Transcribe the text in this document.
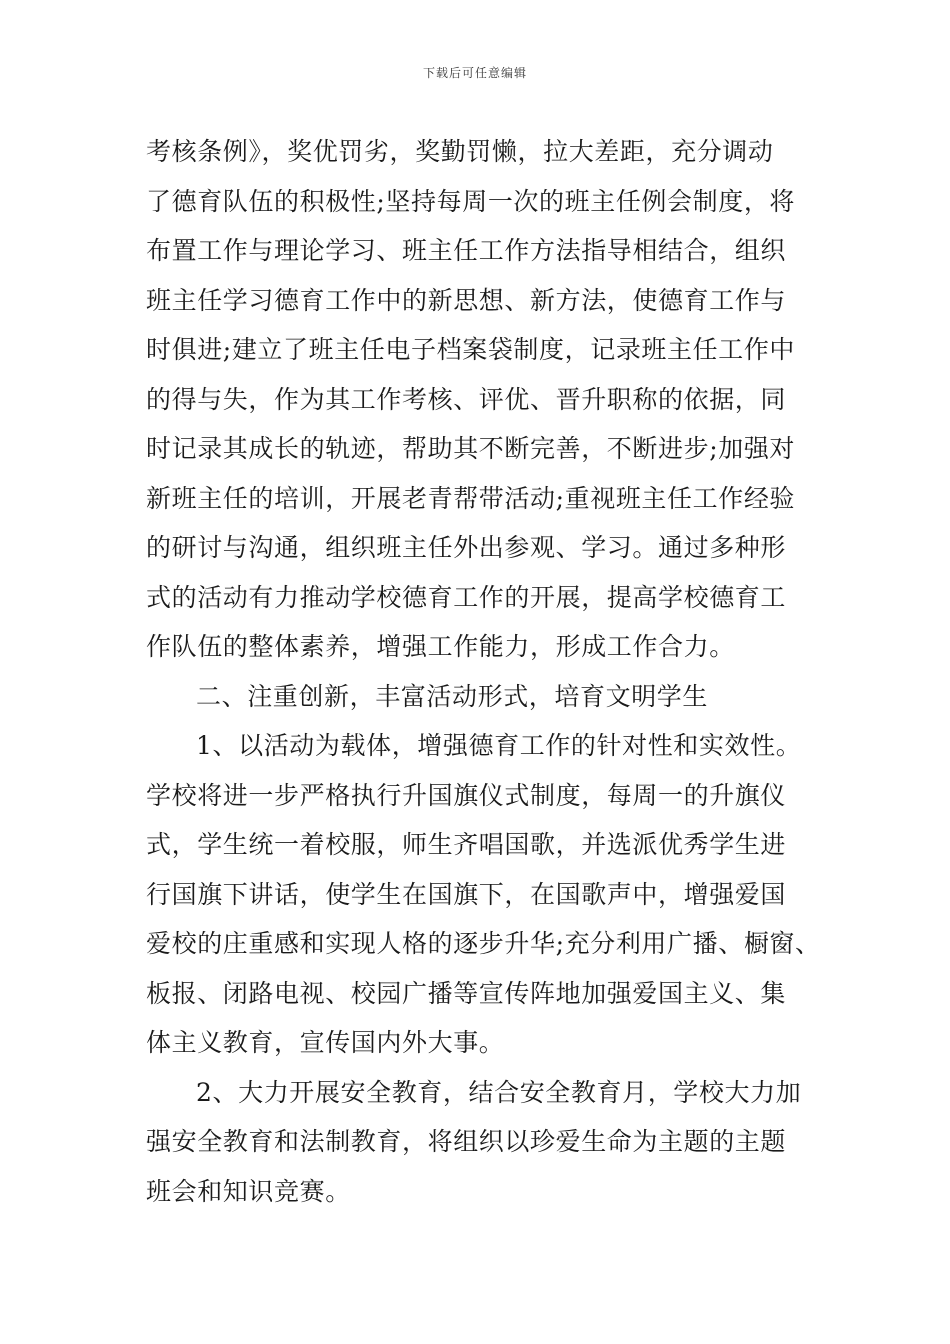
下载后可任意编辑
考核条例》，奖优罚劣，奖勤罚懒，拉大差距，充分调动
了德育队伍的积极性;坚持每周一次的班主任例会制度，将
布置工作与理论学习、班主任工作方法指导相结合，组织
班主任学习德育工作中的新思想、新方法，使德育工作与
时俱进;建立了班主任电子档案袋制度，记录班主任工作中
的得与失，作为其工作考核、评优、晋升职称的依据，同
时记录其成长的轨迹，帮助其不断完善，不断进步;加强对
新班主任的培训，开展老青帮带活动;重视班主任工作经验
的研讨与沟通，组织班主任外出参观、学习。通过多种形
式的活动有力推动学校德育工作的开展，提高学校德育工
作队伍的整体素养，增强工作能力，形成工作合力。
二、注重创新，丰富活动形式，培育文明学生
1、以活动为载体，增强德育工作的针对性和实效性。
学校将进一步严格执行升国旗仪式制度，每周一的升旗仪
式，学生统一着校服，师生齐唱国歌，并选派优秀学生进
行国旗下讲话，使学生在国旗下，在国歌声中，增强爱国
爱校的庄重感和实现人格的逐步升华;充分利用广播、橱窗、
板报、闭路电视、校园广播等宣传阵地加强爱国主义、集
体主义教育，宣传国内外大事。
2、大力开展安全教育，结合安全教育月，学校大力加
强安全教育和法制教育，将组织以珍爱生命为主题的主题
班会和知识竞赛。
